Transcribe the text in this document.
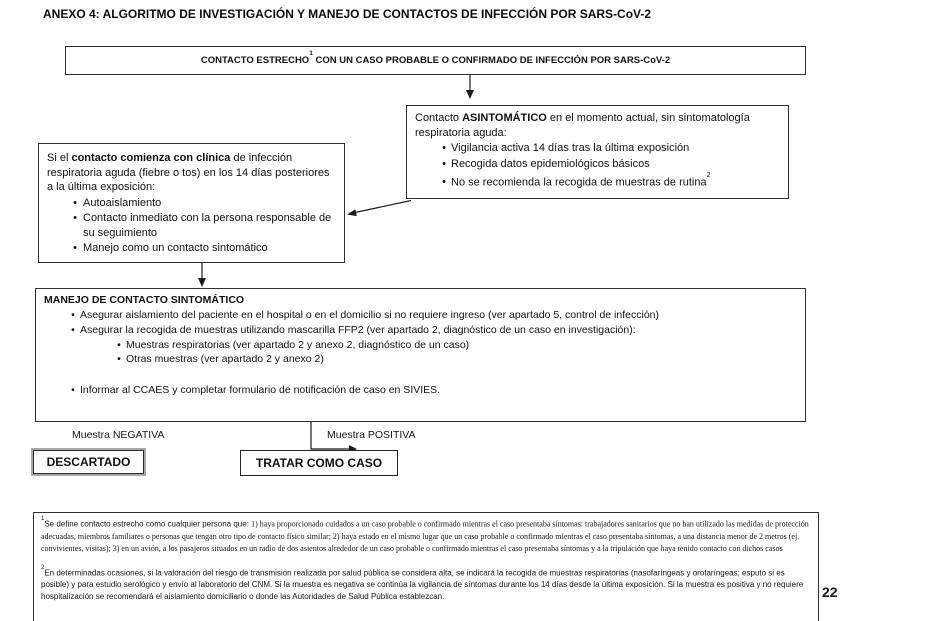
ANEXO 4: ALGORITMO DE INVESTIGACIÓN Y MANEJO DE CONTACTOS DE INFECCIÓN POR SARS-CoV-2
CONTACTO ESTRECHO$^1$ CON UN CASO PROBABLE O CONFIRMADO DE INFECCIÓN POR SARS-CoV-2
Contacto ASINTOMÁTICO en el momento actual, sin sintomatología respiratoria aguda:
• Vigilancia activa 14 días tras la última exposición
• Recogida datos epidemiológicos básicos
• No se recomienda la recogida de muestras de rutina$^2$
Si el contacto comienza con clínica de infección respiratoria aguda (fiebre o tos) en los 14 días posteriores a la última exposición:
• Autoaislamiento
• Contacto inmediato con la persona responsable de su seguimiento
• Manejo como un contacto sintomático
MANEJO DE CONTACTO SINTOMÁTICO
• Asegurar aislamiento del paciente en el hospital o en el domicilio si no requiere ingreso (ver apartado 5, control de infección)
• Asegurar la recogida de muestras utilizando mascarilla FFP2 (ver apartado 2, diagnóstico de un caso en investigación):
• Muestras respiratorias (ver apartado 2 y anexo 2, diagnóstico de un caso)
• Otras muestras (ver apartado 2 y anexo 2)
• Informar al CCAES y completar formulario de notificación de caso en SIVIES.
Muestra NEGATIVA	Muestra POSITIVA
DESCARTADO	TRATAR COMO CASO
$^1$Se define contacto estrecho como cualquier persona que: 1) haya proporcionado cuidados a un caso probable o confirmado mientras el caso presentaba síntomas: trabajadores sanitarios que no han utilizado las medidas de protección adecuadas, miembros familiares o personas que tengan otro tipo de contacto físico similar; 2) haya estado en el mismo lugar que un caso probable o confirmado mientras el caso presentaba síntomas, a una distancia menor de 2 metros (ej. convivientes, visitas); 3) en un avión, a los pasajeros situados en un radio de dos asientos alrededor de un caso probable o confirmado mientras el caso presentaba síntomas y a la tripulación que haya tenido contacto con dichos casos
$^2$En determinadas ocasiones, si la valoración del riesgo de transmisión realizada por salud pública se considera alta, se indicará la recogida de muestras respiratorias (nasofaríngeas y orofaríngeas; esputo si es posible) y para estudio serológico y envío al laboratorio del CNM. Si la muestra es negativa se continúa la vigilancia de síntomas durante los 14 días desde la última exposición. Si la muestra es positiva y no requiere hospitalización se recomendará el aislamiento domiciliario o donde las Autoridades de Salud Pública establezcan.	22
